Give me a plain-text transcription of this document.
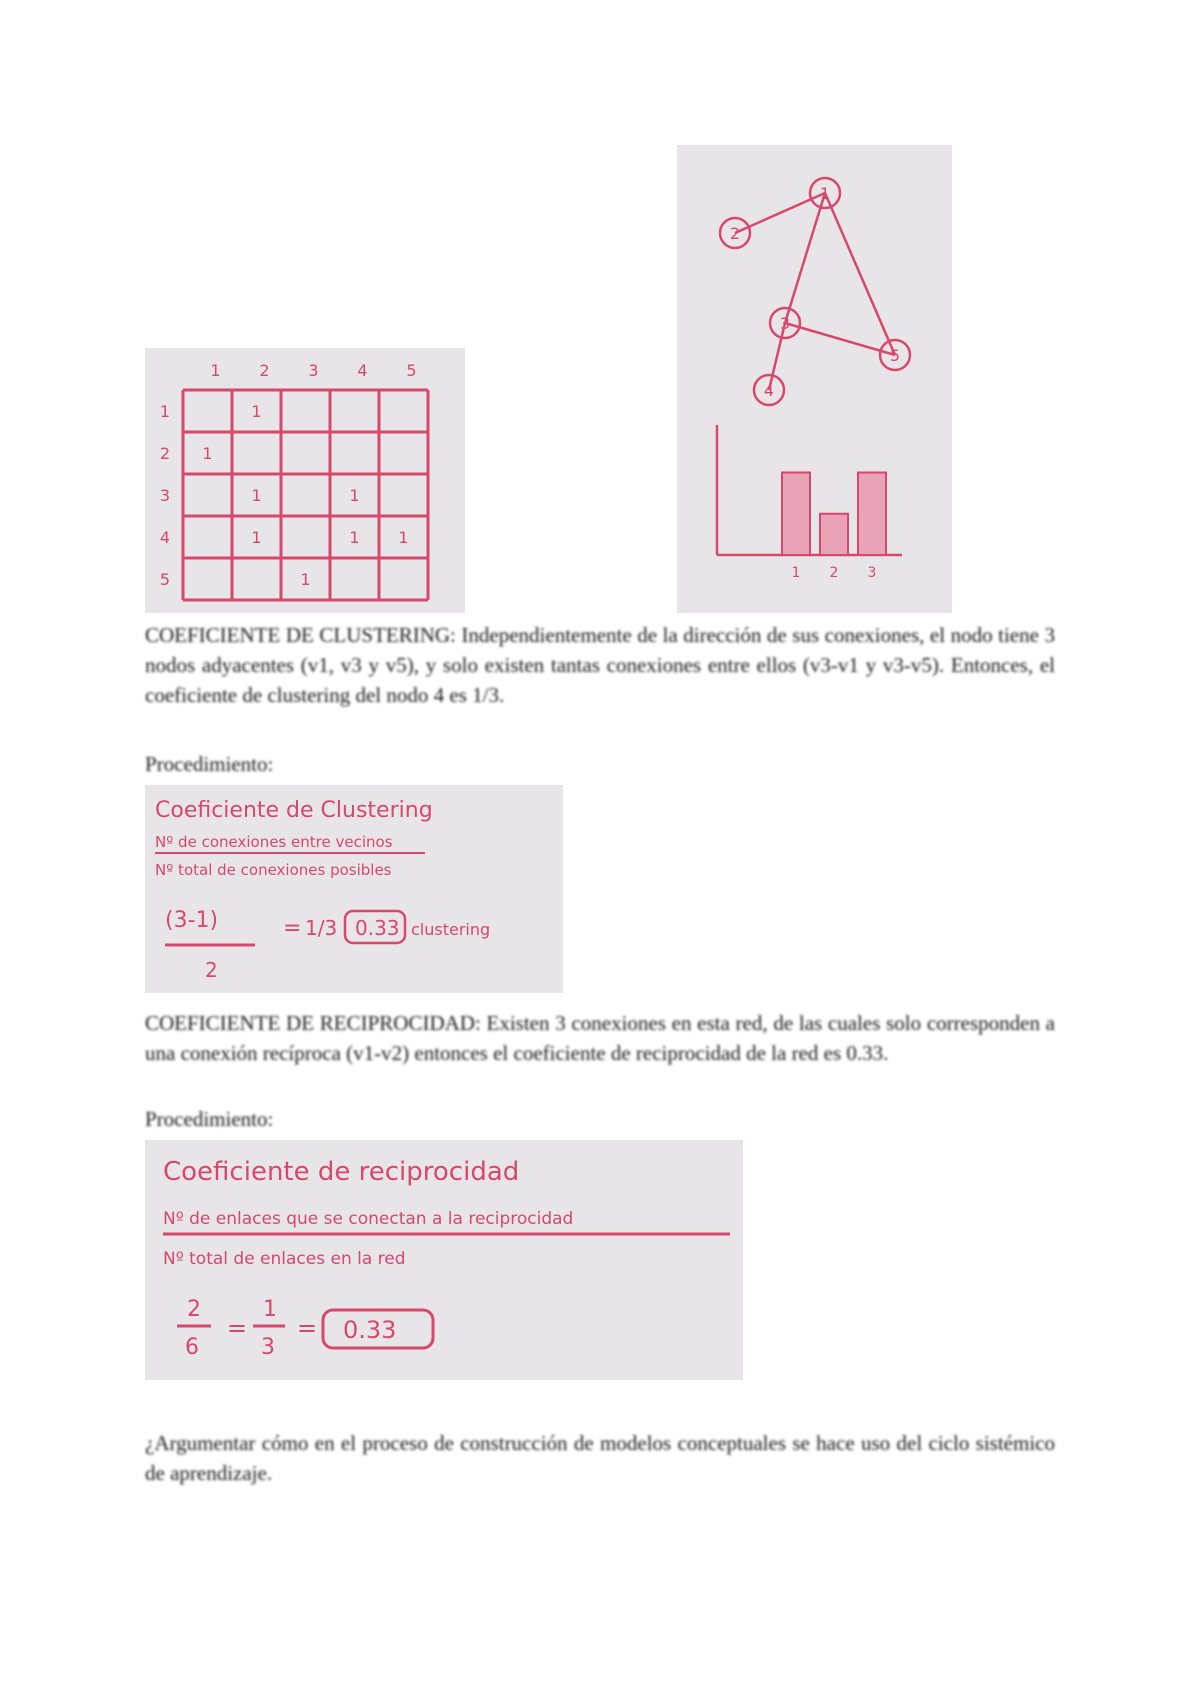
1 2 3 4 5
1
2
3
4
5
1
1
1	1
1	1 1
1
1
2
3
4
5
1 2 3

COEFICIENTE DE CLUSTERING: Independientemente de la dirección de sus conexiones, el nodo tiene 3 nodos adyacentes (v1, v3 y v5), y solo existen tantas conexiones entre ellos (v3-v1 y v3-v5). Entonces, el coeficiente de clustering del nodo 4 es 1/3.

Procedimiento:

Coeficiente de Clustering
Nº de conexiones entre vecinos
Nº total de conexiones posibles
(3-1)
2
= 1/3 0.33 clustering

COEFICIENTE DE RECIPROCIDAD: Existen 3 conexiones en esta red, de las cuales solo corresponden a una conexión recíproca (v1-v2) entonces el coeficiente de reciprocidad de la red es 0.33.

Procedimiento:

Coeficiente de reciprocidad
Nº de enlaces que se conectan a la reciprocidad
Nº total de enlaces en la red
2
6
=
1
3
= 0.33

¿Argumentar cómo en el proceso de construcción de modelos conceptuales se hace uso del ciclo sistémico de aprendizaje.
